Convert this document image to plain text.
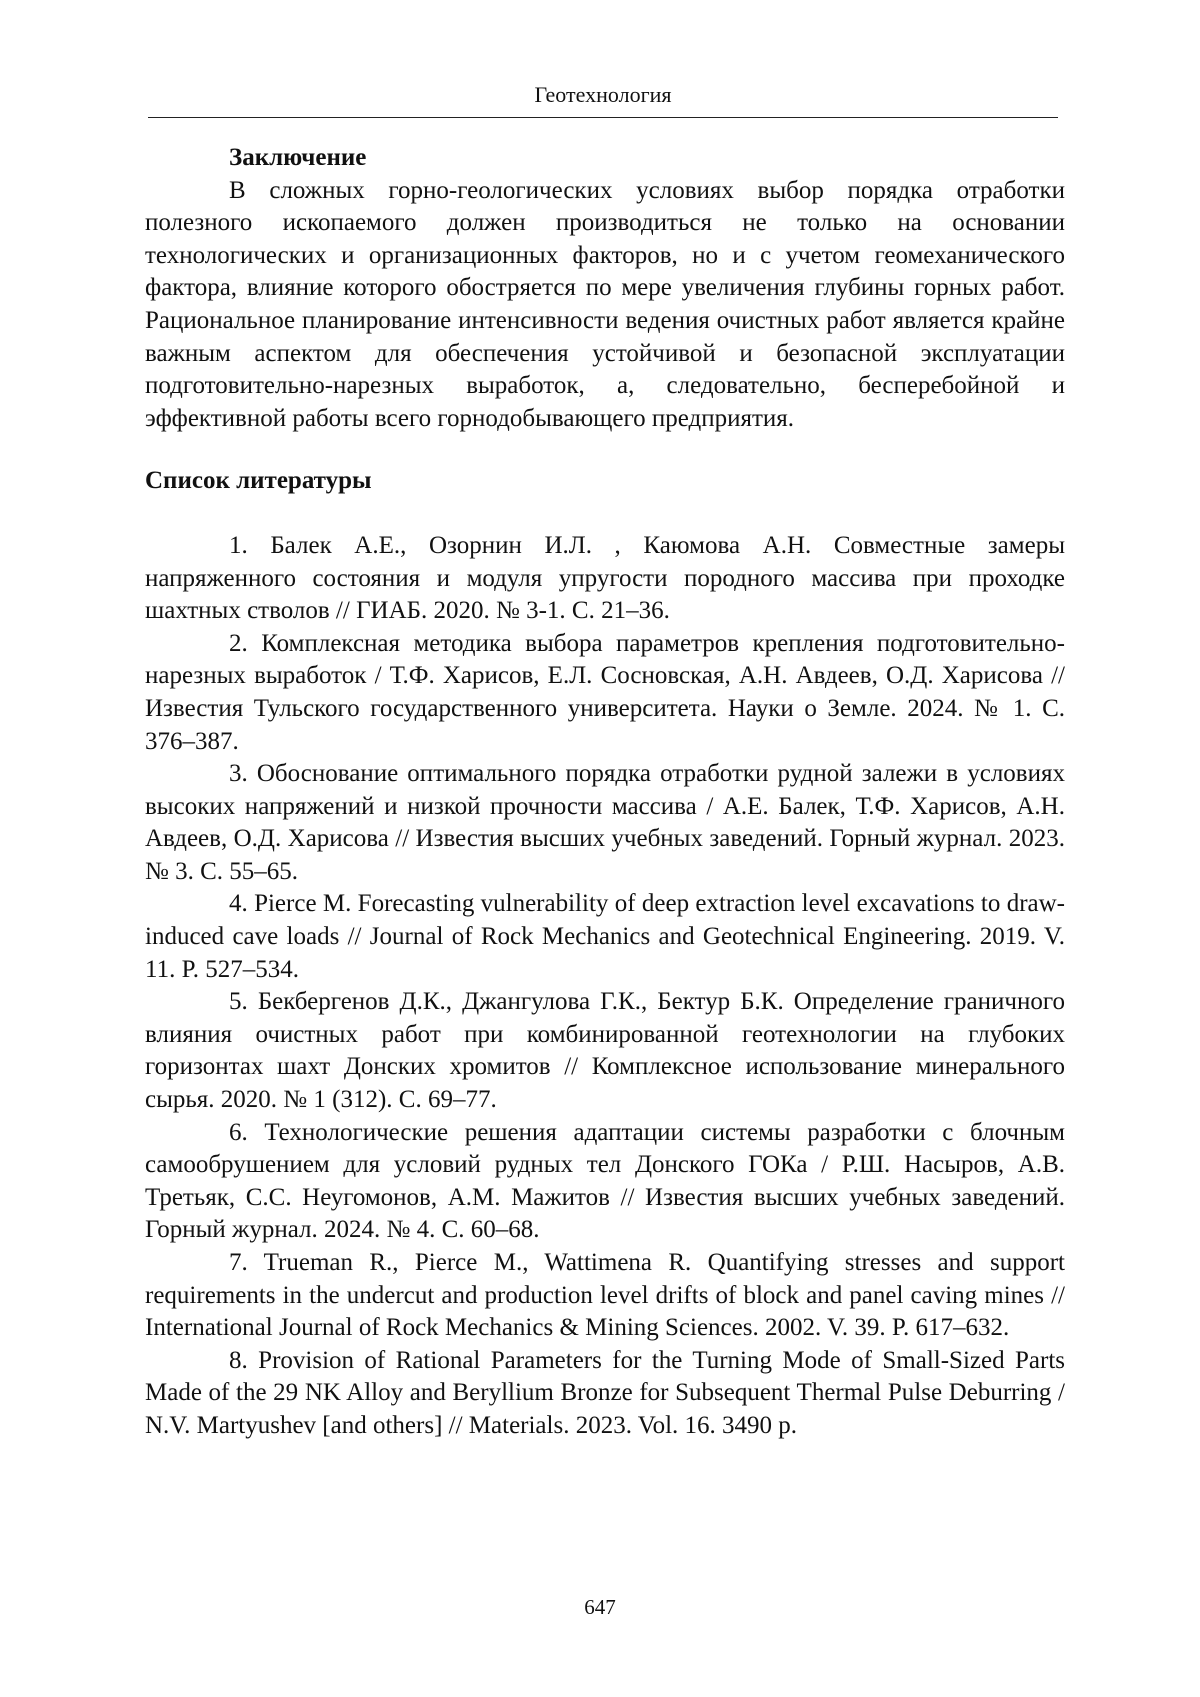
Геотехнология

Заключение

В сложных горно-геологических условиях выбор порядка отработки полезного ископаемого должен производиться не только на основании технологических и организационных факторов, но и с учетом геомеханического фактора, влияние которого обостряется по мере увеличения глубины горных работ. Рациональное планирование интенсивности ведения очистных работ является крайне важным аспектом для обеспечения устойчивой и безопасной эксплуатации подготовительно-нарезных выработок, а, следовательно, бесперебойной и эффективной работы всего горнодобывающего предприятия.

Список литературы

1. Балек А.Е., Озорнин И.Л. , Каюмова А.Н. Совместные замеры напряженного состояния и модуля упругости породного массива при проходке шахтных стволов // ГИАБ. 2020. № 3-1. С. 21–36.

2. Комплексная методика выбора параметров крепления подготовительно-нарезных выработок / Т.Ф. Харисов, Е.Л. Сосновская, А.Н. Авдеев, О.Д. Харисова // Известия Тульского государственного университета. Науки о Земле. 2024. № 1. С. 376–387.

3. Обоснование оптимального порядка отработки рудной залежи в условиях высоких напряжений и низкой прочности массива / А.Е. Балек, Т.Ф. Харисов, А.Н. Авдеев, О.Д. Харисова // Известия высших учебных заведений. Горный журнал. 2023. № 3. С. 55–65.

4. Pierce M. Forecasting vulnerability of deep extraction level excavations to draw-induced cave loads // Journal of Rock Mechanics and Geotechnical Engineering. 2019. V. 11. P. 527–534.

5. Бекбергенов Д.К., Джангулова Г.К., Бектур Б.К. Определение граничного влияния очистных работ при комбинированной геотехнологии на глубоких горизонтах шахт Донских хромитов // Комплексное использование минерального сырья. 2020. № 1 (312). С. 69–77.

6. Технологические решения адаптации системы разработки с блочным самообрушением для условий рудных тел Донского ГОКа / Р.Ш. Насыров, А.В. Третьяк, С.С. Неугомонов, А.М. Мажитов // Известия высших учебных заведений. Горный журнал. 2024. № 4. С. 60–68.

7. Trueman R., Pierce M., Wattimena R. Quantifying stresses and support requirements in the undercut and production level drifts of block and panel caving mines // International Journal of Rock Mechanics & Mining Sciences. 2002. V. 39. P. 617–632.

8. Provision of Rational Parameters for the Turning Mode of Small-Sized Parts Made of the 29 NK Alloy and Beryllium Bronze for Subsequent Thermal Pulse Deburring / N.V. Martyushev [and others] // Materials. 2023. Vol. 16. 3490 p.

647
